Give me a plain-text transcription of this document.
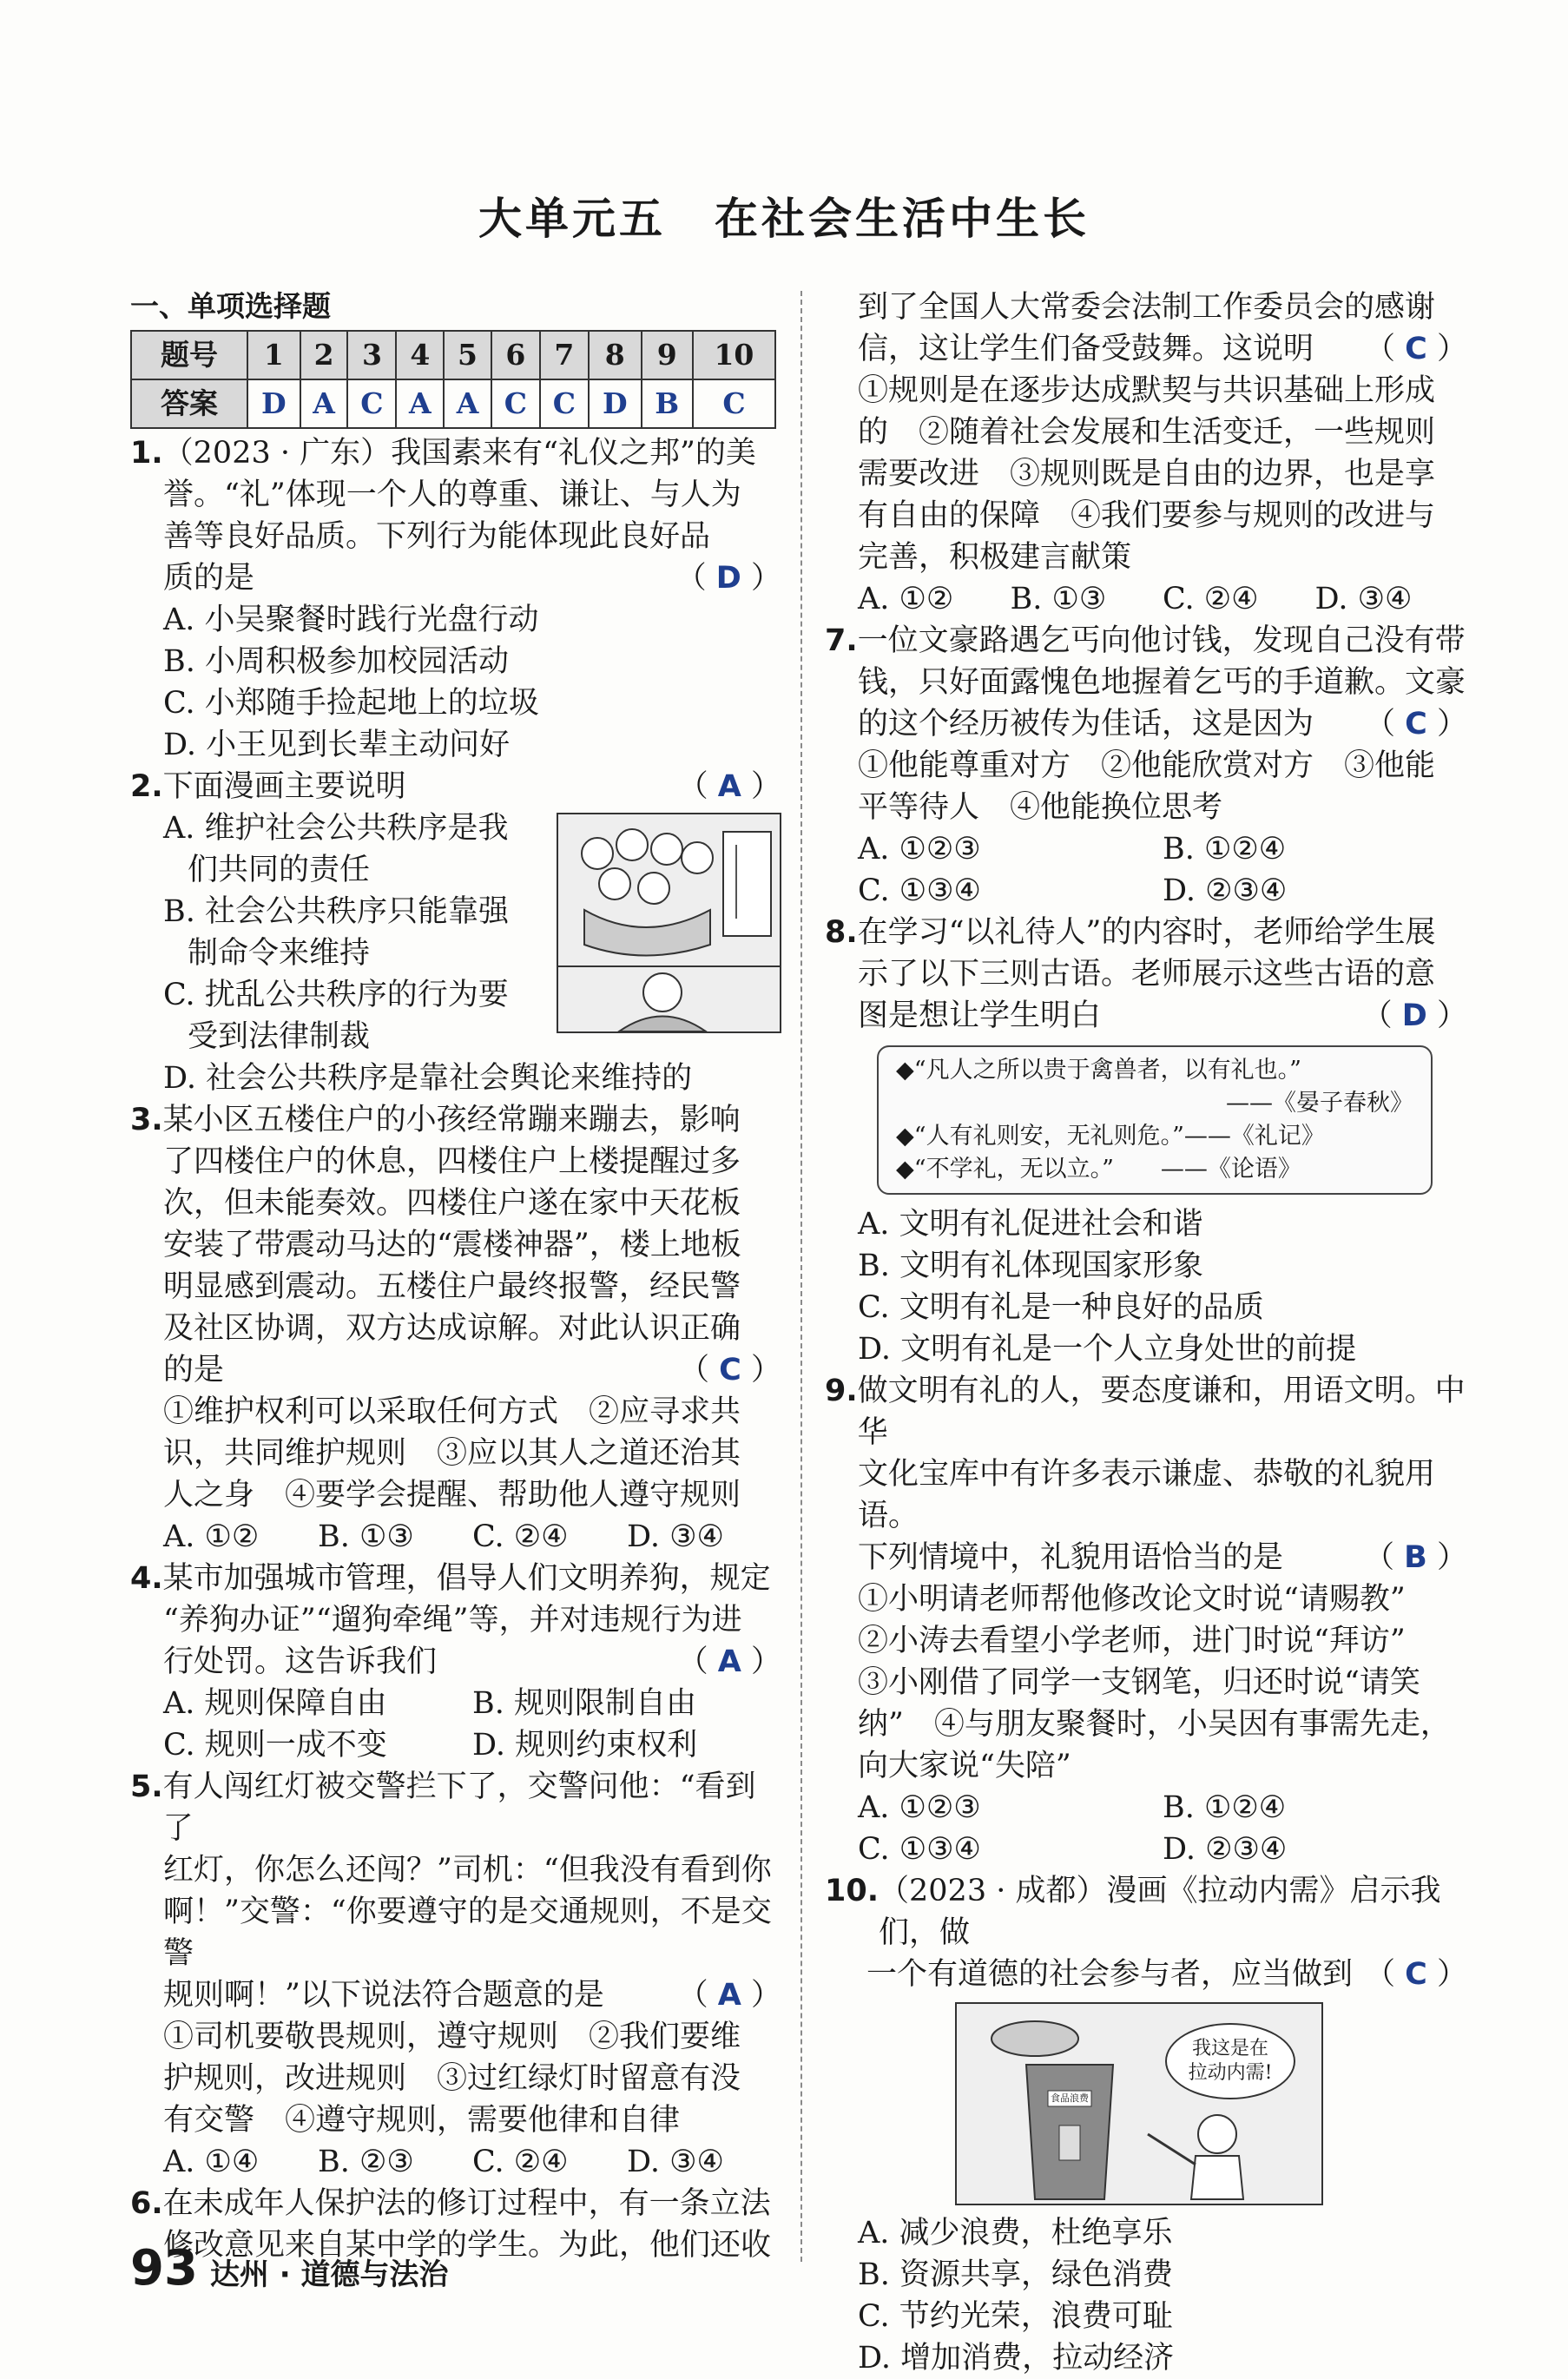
大单元五 在社会生活中生长
一、单项选择题
题号	1	2	3	4	5	6	7	8	9	10
答案	D	A	C	A	A	C	C	D	B	C
1. （2023 · 广东）我国素来有“礼仪之邦”的美
誉。“礼”体现一个人的尊重、谦让、与人为
善等良好品质。下列行为能体现此良好品
质的是	（ D ）
A. 小吴聚餐时践行光盘行动
B. 小周积极参加校园活动
C. 小郑随手捡起地上的垃圾
D. 小王见到长辈主动问好
2. 下面漫画主要说明	（ A ）
A. 维护社会公共秩序是我
们共同的责任
B. 社会公共秩序只能靠强
制命令来维持
C. 扰乱公共秩序的行为要
受到法律制裁
D. 社会公共秩序是靠社会舆论来维持的
3. 某小区五楼住户的小孩经常蹦来蹦去，影响
了四楼住户的休息，四楼住户上楼提醒过多
次，但未能奏效。四楼住户遂在家中天花板
安装了带震动马达的“震楼神器”，楼上地板
明显感到震动。五楼住户最终报警，经民警
及社区协调，双方达成谅解。对此认识正确
的是	（ C ）
①维护权利可以采取任何方式　②应寻求共
识，共同维护规则　③应以其人之道还治其
人之身　④要学会提醒、帮助他人遵守规则
A. ①②	B. ①③	C. ②④	D. ③④
4. 某市加强城市管理，倡导人们文明养狗，规定
“养狗办证”“遛狗牵绳”等，并对违规行为进
行处罚。这告诉我们	（ A ）
A. 规则保障自由	B. 规则限制自由
C. 规则一成不变	D. 规则约束权利
5. 有人闯红灯被交警拦下了，交警问他：“看到了
红灯，你怎么还闯？”司机：“但我没有看到你
啊！”交警：“你要遵守的是交通规则，不是交警
规则啊！”以下说法符合题意的是 （ A ）
①司机要敬畏规则，遵守规则　②我们要维
护规则，改进规则　③过红绿灯时留意有没
有交警　④遵守规则，需要他律和自律
A. ①④	B. ②③	C. ②④	D. ③④
6. 在未成年人保护法的修订过程中，有一条立法
修改意见来自某中学的学生。为此，他们还收
到了全国人大常委会法制工作委员会的感谢
信，这让学生们备受鼓舞。这说明 （ C ）
①规则是在逐步达成默契与共识基础上形成
的　②随着社会发展和生活变迁，一些规则
需要改进　③规则既是自由的边界，也是享
有自由的保障　④我们要参与规则的改进与
完善，积极建言献策
A. ①②	B. ①③	C. ②④	D. ③④
7. 一位文豪路遇乞丐向他讨钱，发现自己没有带
钱，只好面露愧色地握着乞丐的手道歉。文豪
的这个经历被传为佳话，这是因为 （ C ）
①他能尊重对方　②他能欣赏对方　③他能
平等待人　④他能换位思考
A. ①②③	B. ①②④
C. ①③④	D. ②③④
8. 在学习“以礼待人”的内容时，老师给学生展
示了以下三则古语。老师展示这些古语的意
图是想让学生明白	（ D ）
◆“凡人之所以贵于禽兽者，以有礼也。”
——《晏子春秋》
◆“人有礼则安，无礼则危。”——《礼记》
◆“不学礼，无以立。”　　——《论语》
A. 文明有礼促进社会和谐
B. 文明有礼体现国家形象
C. 文明有礼是一种良好的品质
D. 文明有礼是一个人立身处世的前提
9. 做文明有礼的人，要态度谦和，用语文明。中华
文化宝库中有许多表示谦虚、恭敬的礼貌用语。
下列情境中，礼貌用语恰当的是	（ B ）
①小明请老师帮他修改论文时说“请赐教”
②小涛去看望小学老师，进门时说“拜访”
③小刚借了同学一支钢笔，归还时说“请笑
纳”　④与朋友聚餐时，小吴因有事需先走，
向大家说“失陪”
A. ①②③	B. ①②④
C. ①③④	D. ②③④
10. （2023 · 成都）漫画《拉动内需》启示我们，做
一个有道德的社会参与者，应当做到 （ C ）
我这是在
拉动内需!
食品浪费
A. 减少浪费，杜绝享乐
B. 资源共享，绿色消费
C. 节约光荣，浪费可耻
D. 增加消费，拉动经济
93 达州 · 道德与法治
